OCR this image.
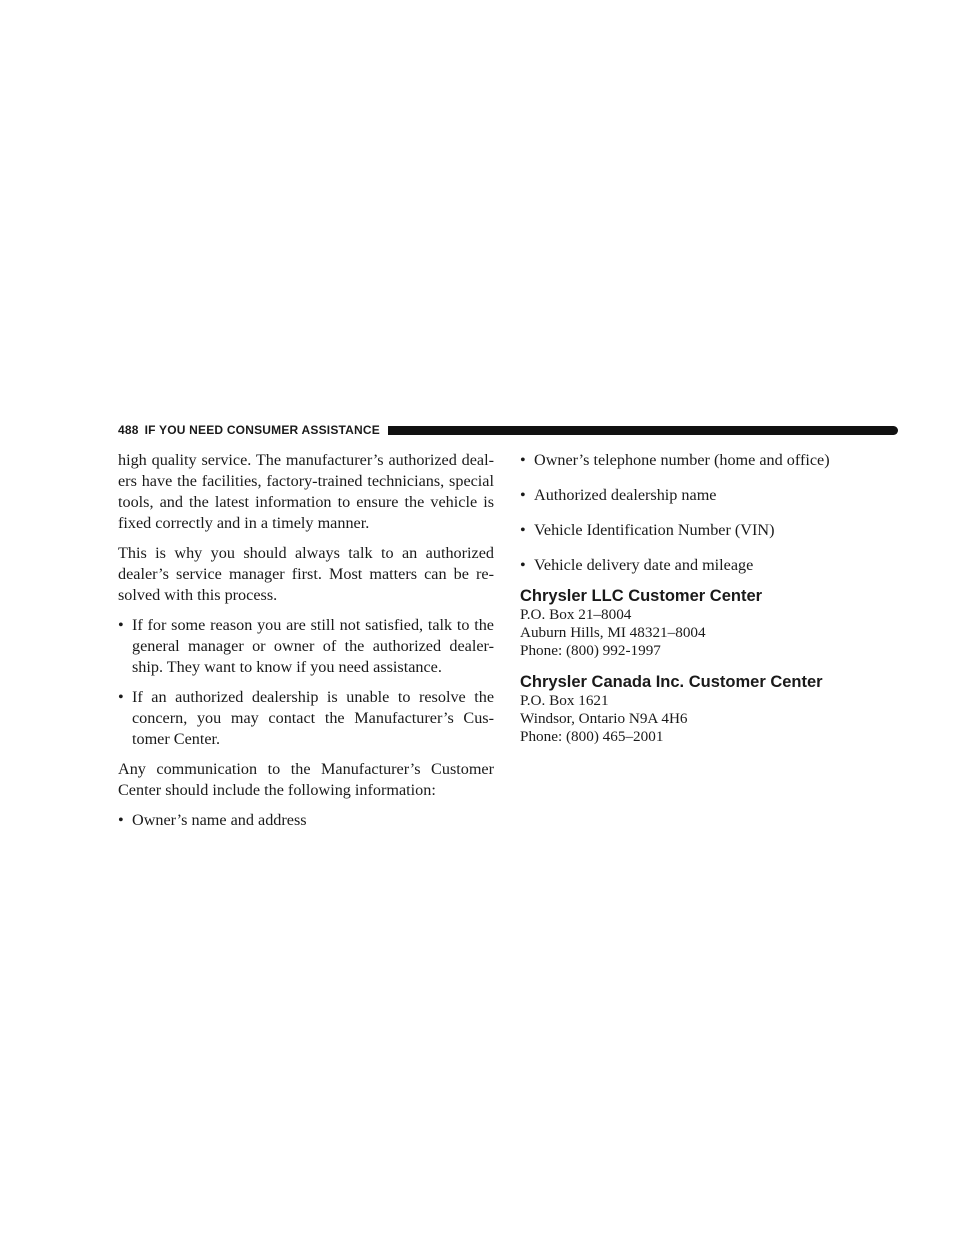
488 IF YOU NEED CONSUMER ASSISTANCE

high quality service. The manufacturer’s authorized deal- ers have the facilities, factory-trained technicians, special tools, and the latest information to ensure the vehicle is fixed correctly and in a timely manner.

This is why you should always talk to an authorized dealer’s service manager first. Most matters can be re- solved with this process.

• If for some reason you are still not satisfied, talk to the general manager or owner of the authorized dealer- ship. They want to know if you need assistance.
• If an authorized dealership is unable to resolve the concern, you may contact the Manufacturer’s Cus- tomer Center.

Any communication to the Manufacturer’s Customer Center should include the following information:

• Owner’s name and address
• Owner’s telephone number (home and office)
• Authorized dealership name
• Vehicle Identification Number (VIN)
• Vehicle delivery date and mileage
Chrysler LLC Customer Center

P.O. Box 21–8004

Auburn Hills, MI 48321–8004

Phone: (800) 992-1997

Chrysler Canada Inc. Customer Center

P.O. Box 1621

Windsor, Ontario N9A 4H6

Phone: (800) 465–2001
